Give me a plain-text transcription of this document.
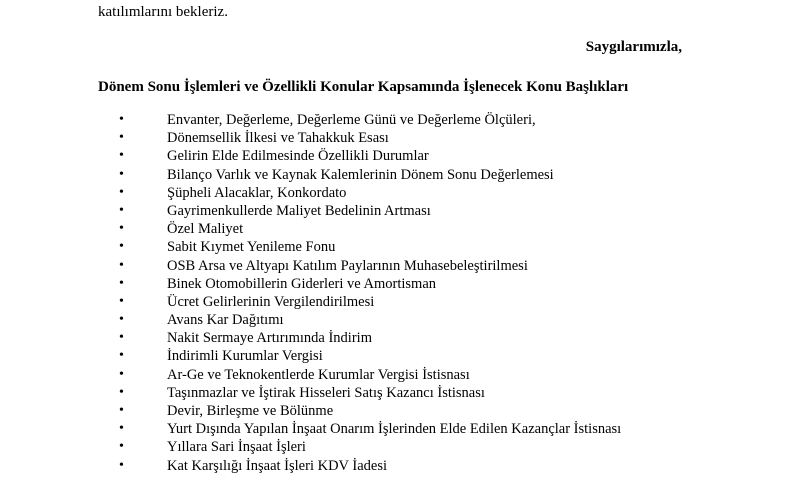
katılımlarını bekleriz.
Saygılarımızla,
Dönem Sonu İşlemleri ve Özellikli Konular Kapsamında İşlenecek Konu Başlıkları
•	Envanter, Değerleme, Değerleme Günü ve Değerleme Ölçüleri,
•	Dönemsellik İlkesi ve Tahakkuk Esası
•	Gelirin Elde Edilmesinde Özellikli Durumlar
•	Bilanço Varlık ve Kaynak Kalemlerinin Dönem Sonu Değerlemesi
•	Şüpheli Alacaklar, Konkordato
•	Gayrimenkullerde Maliyet Bedelinin Artması
•	Özel Maliyet
•	Sabit Kıymet Yenileme Fonu
•	OSB Arsa ve Altyapı Katılım Paylarının Muhasebeleştirilmesi
•	Binek Otomobillerin Giderleri ve Amortisman
•	Ücret Gelirlerinin Vergilendirilmesi
•	Avans Kar Dağıtımı
•	Nakit Sermaye Artırımında İndirim
•	İndirimli Kurumlar Vergisi
•	Ar-Ge ve Teknokentlerde Kurumlar Vergisi İstisnası
•	Taşınmazlar ve İştirak Hisseleri Satış Kazancı İstisnası
•	Devir, Birleşme ve Bölünme
•	Yurt Dışında Yapılan İnşaat Onarım İşlerinden Elde Edilen Kazançlar İstisnası
•	Yıllara Sari İnşaat İşleri
•	Kat Karşılığı İnşaat İşleri KDV İadesi
